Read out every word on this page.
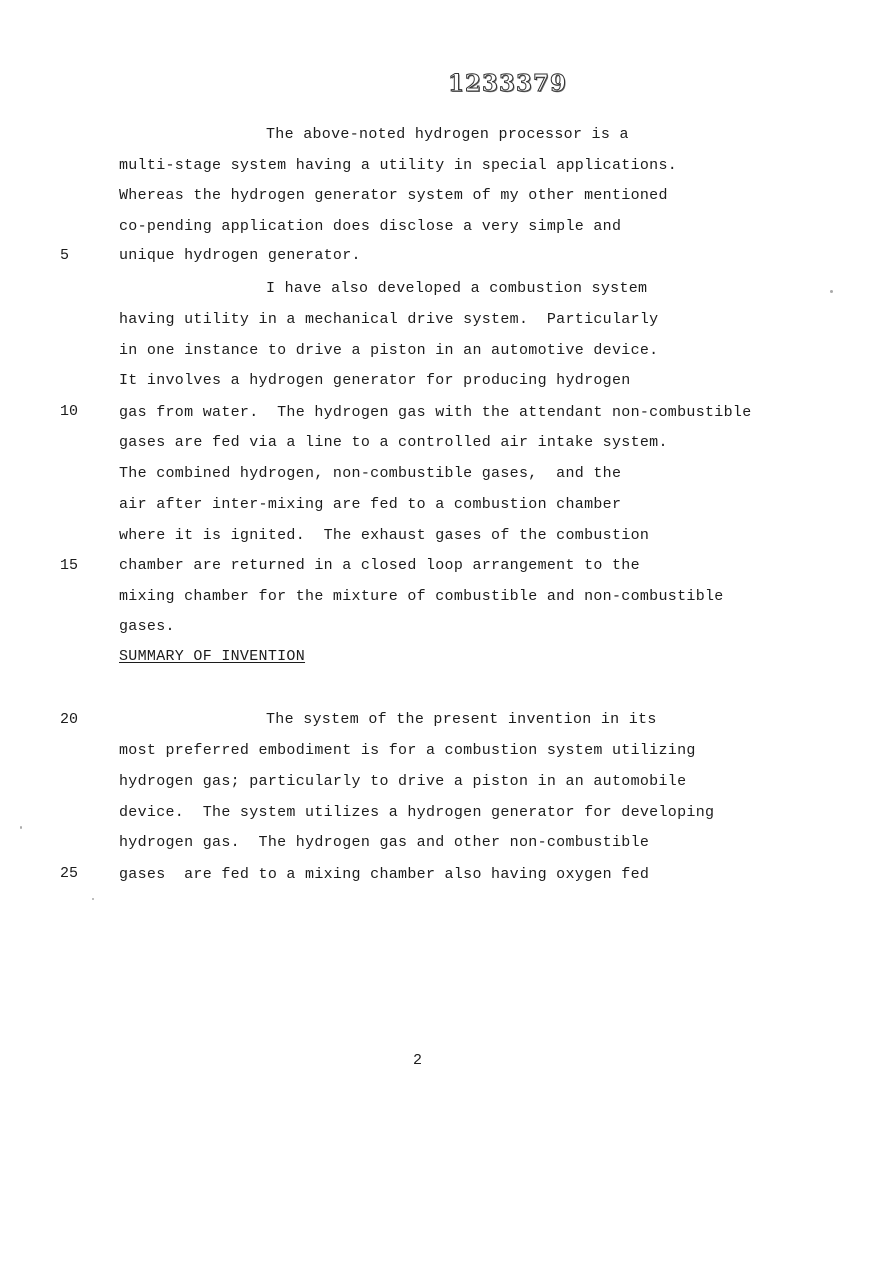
1233379
The above-noted hydrogen processor is a
multi-stage system having a utility in special applications.
Whereas the hydrogen generator system of my other mentioned
co-pending application does disclose a very simple and
unique hydrogen generator.
I have also developed a combustion system
having utility in a mechanical drive system.  Particularly
in one instance to drive a piston in an automotive device.
It involves a hydrogen generator for producing hydrogen
gas from water.  The hydrogen gas with the attendant non-combustible
gases are fed via a line to a controlled air intake system.
The combined hydrogen, non-combustible gases,  and the
air after inter-mixing are fed to a combustion chamber
where it is ignited.  The exhaust gases of the combustion
chamber are returned in a closed loop arrangement to the
mixing chamber for the mixture of combustible and non-combustible
gases.
SUMMARY OF INVENTION
The system of the present invention in its
most preferred embodiment is for a combustion system utilizing
hydrogen gas; particularly to drive a piston in an automobile
device.  The system utilizes a hydrogen generator for developing
hydrogen gas.  The hydrogen gas and other non-combustible
gases  are fed to a mixing chamber also having oxygen fed
5
10
15
20
25
2
